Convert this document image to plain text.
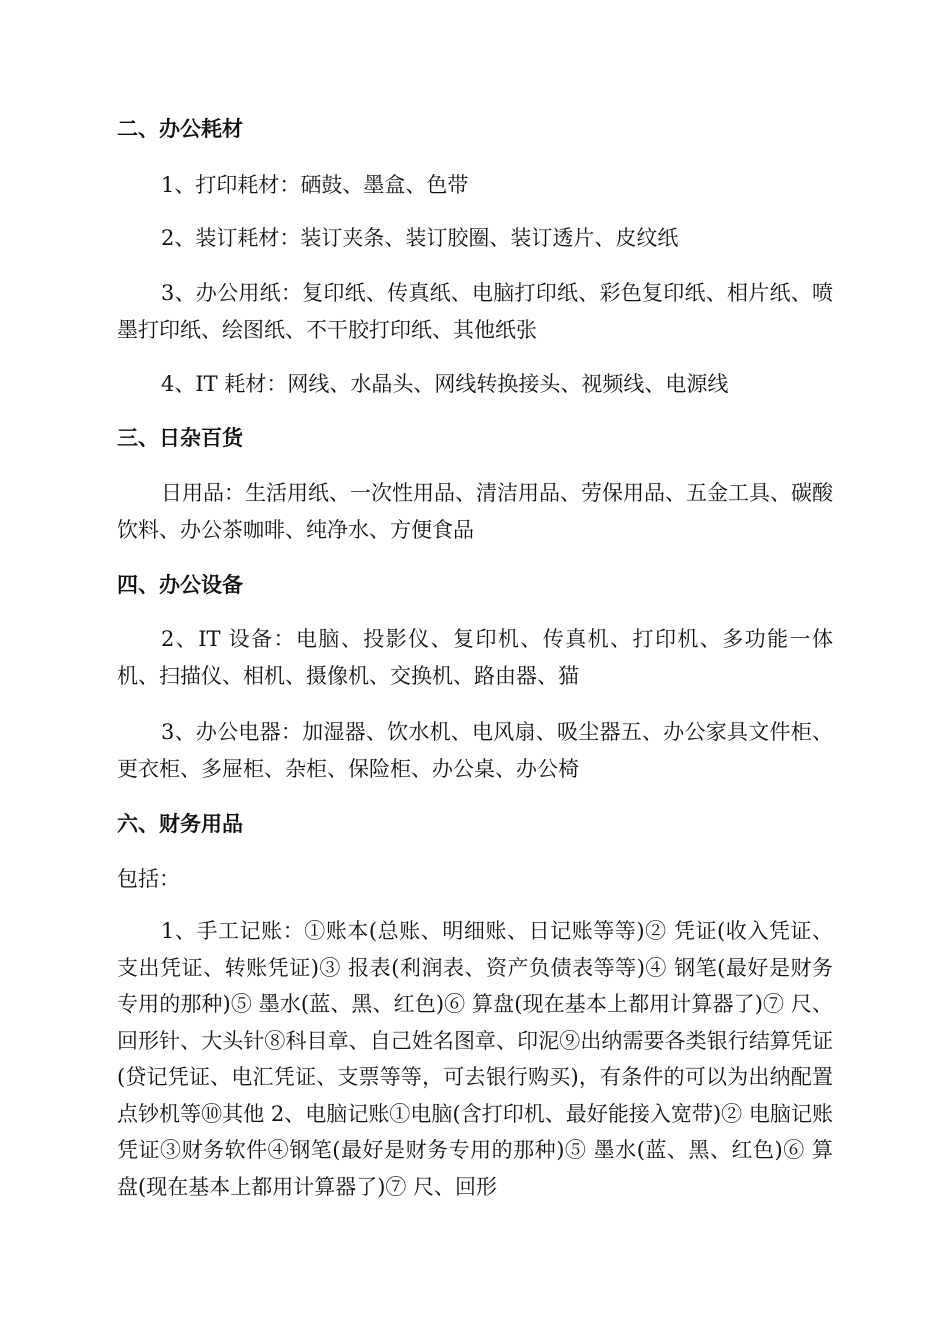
二、办公耗材

1、打印耗材：硒鼓、墨盒、色带

2、装订耗材：装订夹条、装订胶圈、装订透片、皮纹纸

3、办公用纸：复印纸、传真纸、电脑打印纸、彩色复印纸、相片纸、喷墨打印纸、绘图纸、不干胶打印纸、其他纸张

4、IT 耗材：网线、水晶头、网线转换接头、视频线、电源线

三、日杂百货

日用品：生活用纸、一次性用品、清洁用品、劳保用品、五金工具、碳酸饮料、办公茶咖啡、纯净水、方便食品

四、办公设备

2、IT 设备：电脑、投影仪、复印机、传真机、打印机、多功能一体机、扫描仪、相机、摄像机、交换机、路由器、猫

3、办公电器：加湿器、饮水机、电风扇、吸尘器五、办公家具文件柜、更衣柜、多屉柜、杂柜、保险柜、办公桌、办公椅

六、财务用品

包括：

1、手工记账：①账本(总账、明细账、日记账等等)② 凭证(收入凭证、支出凭证、转账凭证)③ 报表(利润表、资产负债表等等)④ 钢笔(最好是财务专用的那种)⑤ 墨水(蓝、黑、红色)⑥ 算盘(现在基本上都用计算器了)⑦ 尺、回形针、大头针⑧科目章、自己姓名图章、印泥⑨出纳需要各类银行结算凭证(贷记凭证、电汇凭证、支票等等，可去银行购买)，有条件的可以为出纳配置点钞机等⑩其他 2、电脑记账①电脑(含打印机、最好能接入宽带)② 电脑记账凭证③财务软件④钢笔(最好是财务专用的那种)⑤ 墨水(蓝、黑、红色)⑥ 算盘(现在基本上都用计算器了)⑦ 尺、回形
